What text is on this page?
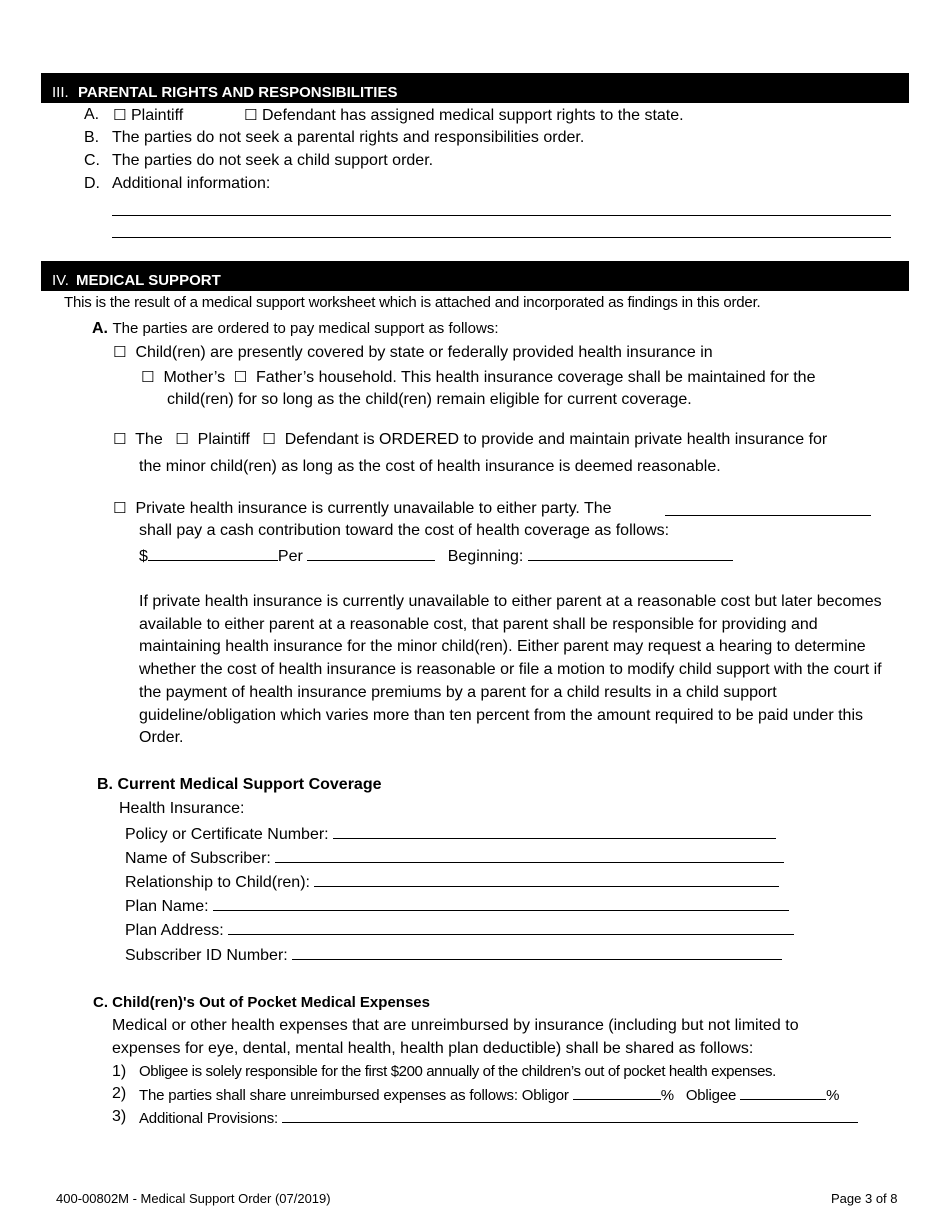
III. PARENTAL RIGHTS AND RESPONSIBILITIES
A. ☐ Plaintiff	☐ Defendant has assigned medical support rights to the state.
B. The parties do not seek a parental rights and responsibilities order.
C. The parties do not seek a child support order.
D. Additional information:
IV. MEDICAL SUPPORT
This is the result of a medical support worksheet which is attached and incorporated as findings in this order.
A. The parties are ordered to pay medical support as follows:
☐ Child(ren) are presently covered by state or federally provided health insurance in
☐ Mother’s ☐ Father’s household. This health insurance coverage shall be maintained for the
child(ren) for so long as the child(ren) remain eligible for current coverage.
☐ The ☐ Plaintiff ☐ Defendant is ORDERED to provide and maintain private health insurance for
the minor child(ren) as long as the cost of health insurance is deemed reasonable.
☐ Private health insurance is currently unavailable to either party. The
shall pay a cash contribution toward the cost of health coverage as follows:
$	Per	Beginning:
If private health insurance is currently unavailable to either parent at a reasonable cost but later becomes available to either parent at a reasonable cost, that parent shall be responsible for providing and maintaining health insurance for the minor child(ren). Either parent may request a hearing to determine whether the cost of health insurance is reasonable or file a motion to modify child support with the court if the payment of health insurance premiums by a parent for a child results in a child support guideline/obligation which varies more than ten percent from the amount required to be paid under this Order.
B. Current Medical Support Coverage
Health Insurance:
Policy or Certificate Number:
Name of Subscriber:
Relationship to Child(ren):
Plan Name:
Plan Address:
Subscriber ID Number:
C. Child(ren)'s Out of Pocket Medical Expenses
Medical or other health expenses that are unreimbursed by insurance (including but not limited to
expenses for eye, dental, mental health, health plan deductible) shall be shared as follows:
1) Obligee is solely responsible for the first $200 annually of the children’s out of pocket health expenses.
2) The parties shall share unreimbursed expenses as follows: Obligor	% Obligee	%
3) Additional Provisions:
400-00802M - Medical Support Order (07/2019)	Page 3 of 8
